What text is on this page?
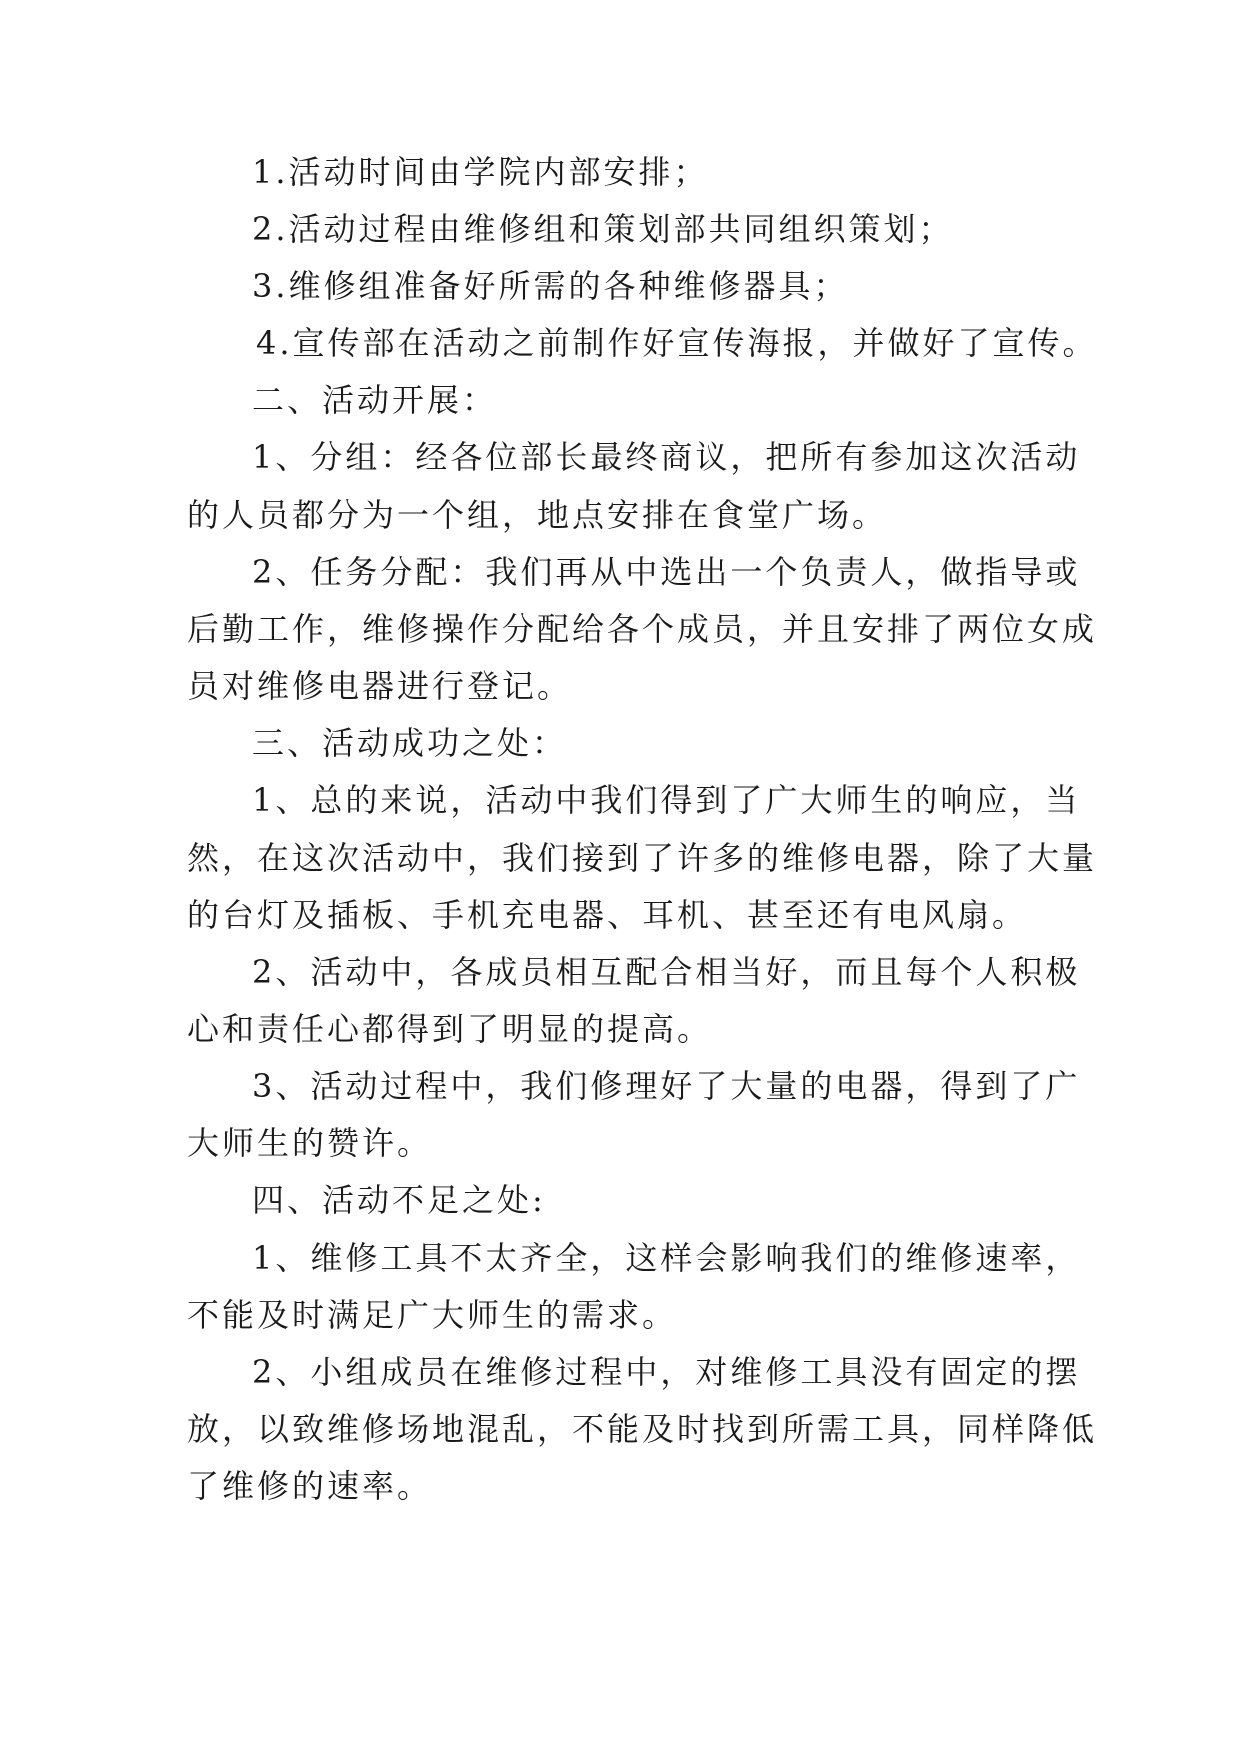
1.活动时间由学院内部安排；
2.活动过程由维修组和策划部共同组织策划；
3.维修组准备好所需的各种维修器具；
4.宣传部在活动之前制作好宣传海报，并做好了宣传。
二、活动开展：
1、分组：经各位部长最终商议，把所有参加这次活动
的人员都分为一个组，地点安排在食堂广场。
2、任务分配：我们再从中选出一个负责人，做指导或
后勤工作，维修操作分配给各个成员，并且安排了两位女成
员对维修电器进行登记。
三、活动成功之处：
1、总的来说，活动中我们得到了广大师生的响应，当
然，在这次活动中，我们接到了许多的维修电器，除了大量
的台灯及插板、手机充电器、耳机、甚至还有电风扇。
2、活动中，各成员相互配合相当好，而且每个人积极
心和责任心都得到了明显的提高。
3、活动过程中，我们修理好了大量的电器，得到了广
大师生的赞许。
四、活动不足之处:
1、维修工具不太齐全，这样会影响我们的维修速率，
不能及时满足广大师生的需求。
2、小组成员在维修过程中，对维修工具没有固定的摆
放，以致维修场地混乱，不能及时找到所需工具，同样降低
了维修的速率。
